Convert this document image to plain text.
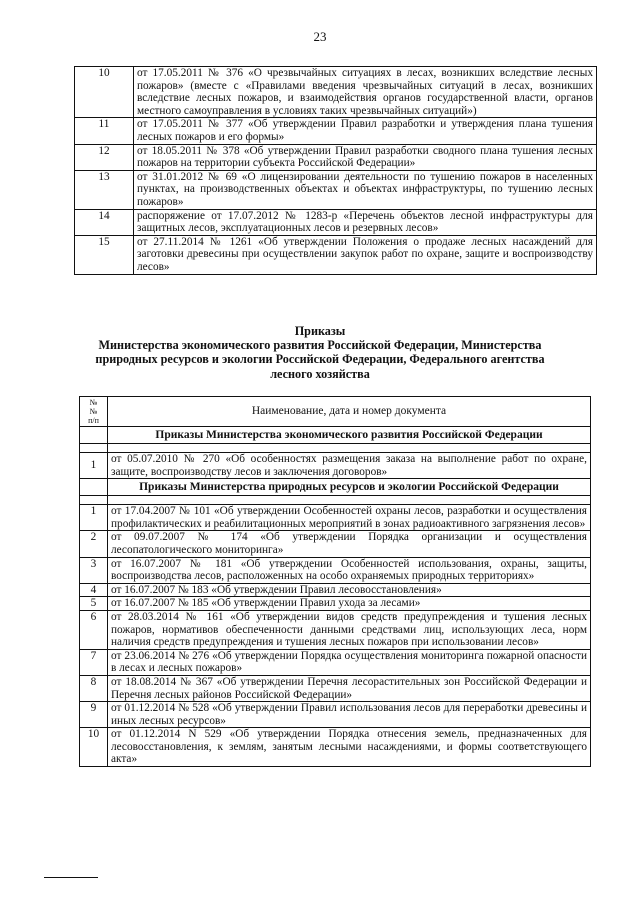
23
10	от 17.05.2011 № 376 «О чрезвычайных ситуациях в лесах, возникших вследствие лесных пожаров» (вместе с «Правилами введения чрезвычайных ситуаций в лесах, возникших вследствие лесных пожаров, и взаимодействия органов государственной власти, органов местного самоуправления в условиях таких чрезвычайных ситуаций»)
11	от 17.05.2011 № 377 «Об утверждении Правил разработки и утверждения плана тушения лесных пожаров и его формы»
12	от 18.05.2011 № 378 «Об утверждении Правил разработки сводного плана тушения лесных пожаров на территории субъекта Российской Федерации»
13	от 31.01.2012 № 69 «О лицензировании деятельности по тушению пожаров в населенных пунктах, на производственных объектах и объектах инфраструктуры, по тушению лесных пожаров»
14	распоряжение от 17.07.2012 № 1283-р «Перечень объектов лесной инфраструктуры для защитных лесов, эксплуатационных лесов и резервных лесов»
15	от 27.11.2014 № 1261 «Об утверждении Положения о продаже лесных насаждений для заготовки древесины при осуществлении закупок работ по охране, защите и воспроизводству лесов»
Приказы
Министерства экономического развития Российской Федерации, Министерства
природных ресурсов и экологии Российской Федерации, Федерального агентства
лесного хозяйства
№
№
п/п	Наименование, дата и номер документа
	Приказы Министерства экономического развития Российской Федерации

1	от 05.07.2010 № 270 «Об особенностях размещения заказа на выполнение работ по охране, защите, воспроизводству лесов и заключения договоров»
	Приказы Министерства природных ресурсов и экологии Российской Федерации

1	от 17.04.2007 № 101 «Об утверждении Особенностей охраны лесов, разработки и осуществления профилактических и реабилитационных мероприятий в зонах радиоактивного загрязнения лесов»
2	от 09.07.2007 № 174 «Об утверждении Порядка организации и осуществления лесопатологического мониторинга»
3	от 16.07.2007 № 181 «Об утверждении Особенностей использования, охраны, защиты, воспроизводства лесов, расположенных на особо охраняемых природных территориях»
4	от 16.07.2007 № 183 «Об утверждении Правил лесовосстановления»
5	от 16.07.2007 № 185 «Об утверждении Правил ухода за лесами»
6	от 28.03.2014 № 161 «Об утверждении видов средств предупреждения и тушения лесных пожаров, нормативов обеспеченности данными средствами лиц, использующих леса, норм наличия средств предупреждения и тушения лесных пожаров при использовании лесов»
7	от 23.06.2014 № 276 «Об утверждении Порядка осуществления мониторинга пожарной опасности в лесах и лесных пожаров»
8	от 18.08.2014 № 367 «Об утверждении Перечня лесорастительных зон Российской Федерации и Перечня лесных районов Российской Федерации»
9	от 01.12.2014 № 528 «Об утверждении Правил использования лесов для переработки древесины и иных лесных ресурсов»
10	от 01.12.2014 N 529 «Об утверждении Порядка отнесения земель, предназначенных для лесовосстановления, к землям, занятым лесными насаждениями, и формы соответствующего акта»
